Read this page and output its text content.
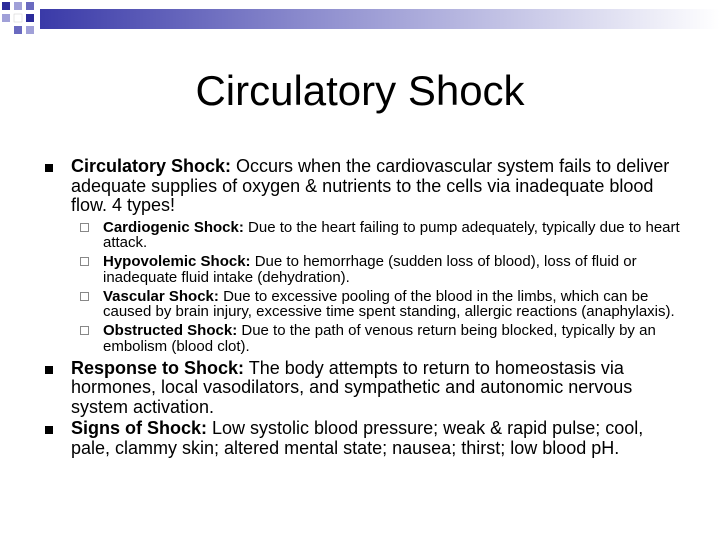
Circulatory Shock
Circulatory Shock: Occurs when the cardiovascular system fails to deliver adequate supplies of oxygen & nutrients to the cells via inadequate blood flow. 4 types!
Cardiogenic Shock: Due to the heart failing to pump adequately, typically due to heart attack.
Hypovolemic Shock: Due to hemorrhage (sudden loss of blood), loss of fluid or inadequate fluid intake (dehydration).
Vascular Shock: Due to excessive pooling of the blood in the limbs, which can be caused by brain injury, excessive time spent standing, allergic reactions (anaphylaxis).
Obstructed Shock: Due to the path of venous return being blocked, typically by an embolism (blood clot).
Response to Shock: The body attempts to return to homeostasis via hormones, local vasodilators, and sympathetic and autonomic nervous system activation.
Signs of Shock: Low systolic blood pressure; weak & rapid pulse; cool, pale, clammy skin; altered mental state; nausea; thirst; low blood pH.
